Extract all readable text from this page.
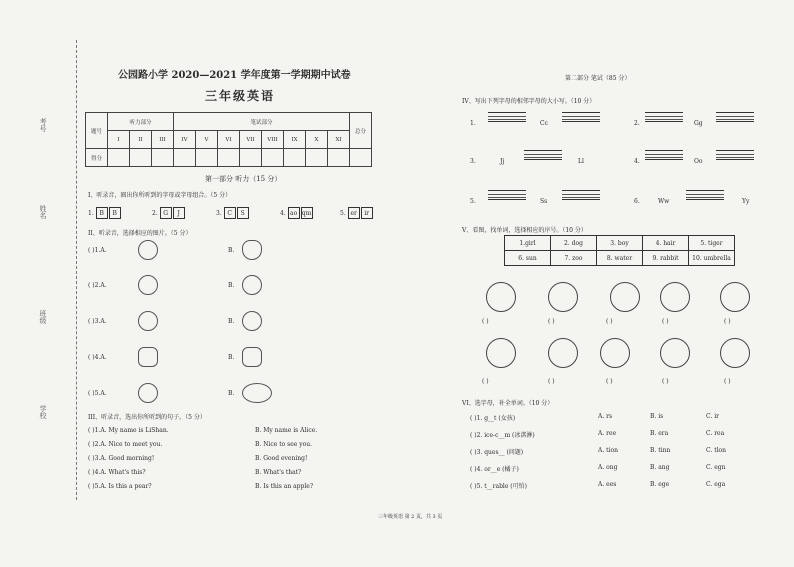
考号
姓名
班级
学校
公园路小学 2020—2021 学年度第一学期期中试卷
三年级英语
题号	听力部分			笔试部分								总分
	I	II	III	IV	V	VI	VII	VIII	IX	X	XI	
得分												
第一部分 听力（15 分）
I、听录音，圈出你所听到的字母或字母组合。（5 分）
1. B B	2. G J	3. C S	4. ao qm	5. er ir
II、听录音，选择相应的图片。（5 分）
( )1.A.	B.
( )2.A.	B.
( )3.A.	B.
( )4.A.	B.
( )5.A.	B.
III、听录音，选出你所听到的句子。（5 分）
( )1.A. My name is LiShan.	B. My name is Alice.
( )2.A. Nice to meet you.	B. Nice to see you.
( )3.A. Good morning!	B. Good evening!
( )4.A. What's this?	B. What's that?
( )5.A. Is this a pear?	B. Is this an apple?
第二部分 笔试（85 分）
IV、写出下列字母的相邻字母的大小写。（10 分）
1.	Cc	2.	Gg
3.	Jj	Ll	4.	Oo
5.	Ss	6.	Ww	Yy
V、看图，找单词，选择相应的序号。（10 分）
1.girl	2. dog	3. boy	4. hair	5. tiger
6. sun	7. zoo	8. water	9. rabbit	10. umbrella
( )	( )	( )	( )	( )
( )	( )	( )	( )	( )
VI、选字母，补全单词。（10 分）
( )1. g__t (女孩)	A. rs	B. is	C. ir
( )2. ice-c__m (冰淇淋)	A. ree	B. era	C. rea
( )3. ques__ (问题)	A. tion	B. tinn	C. tlon
( )4. or__e (橘子)	A. ong	B. ang	C. egn
( )5. t__rable (可怕)	A. ees	B. ege	C. ega
三年级英语 第 2 页，共 3 页
